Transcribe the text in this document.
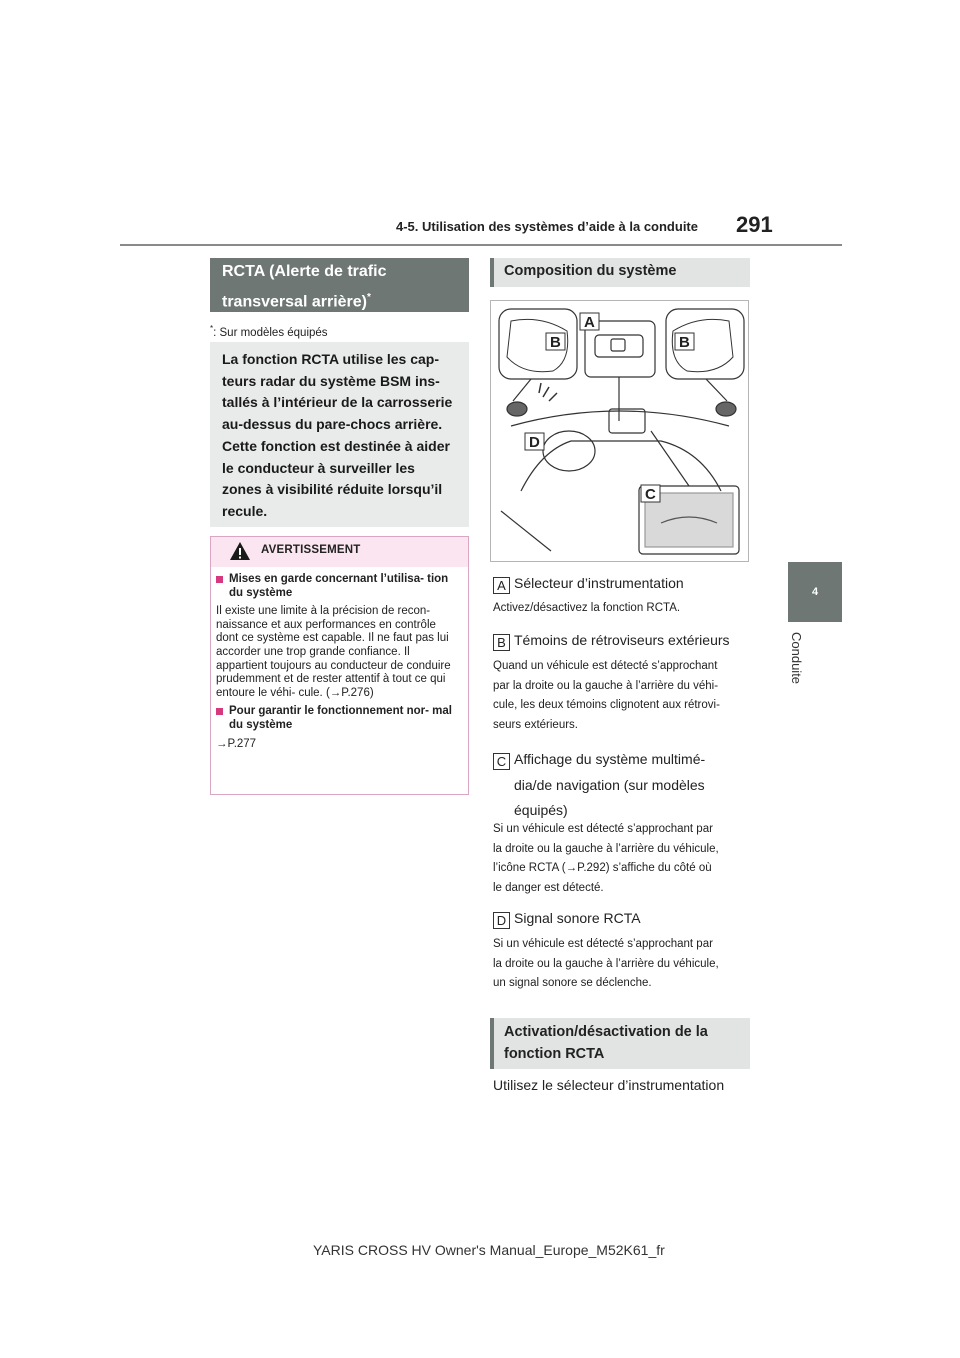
4-5. Utilisation des systèmes d’aide à la conduite 291
4
Conduite
RCTA (Alerte de trafic
transversal arrière)*
*: Sur modèles équipés
La fonction RCTA utilise les cap-
teurs radar du système BSM ins-
tallés à l’intérieur de la carrosserie
au-dessus du pare-chocs arrière.
Cette fonction est destinée à aider
le conducteur à surveiller les
zones à visibilité réduite lorsqu’il
recule.
AVERTISSEMENT
Mises en garde concernant l’utilisa- tion du système
Il existe une limite à la précision de recon- naissance et aux performances en contrôle dont ce système est capable. Il ne faut pas lui accorder une trop grande confiance. Il appartient toujours au conducteur de conduire prudemment et de rester attentif à tout ce qui entoure le véhi- cule. (→P.276)
Pour garantir le fonctionnement nor- mal du système
→P.277
Composition du système
A
B	B
D
C
A Sélecteur d’instrumentation
Activez/désactivez la fonction RCTA.
B Témoins de rétroviseurs extérieurs
Quand un véhicule est détecté s’approchant
par la droite ou la gauche à l’arrière du véhi-
cule, les deux témoins clignotent aux rétrovi-
seurs extérieurs.
C Affichage du système multimé-
dia/de navigation (sur modèles
équipés)
Si un véhicule est détecté s’approchant par
la droite ou la gauche à l’arrière du véhicule,
l’icône RCTA (→P.292) s’affiche du côté où
le danger est détecté.
D Signal sonore RCTA
Si un véhicule est détecté s’approchant par
la droite ou la gauche à l’arrière du véhicule,
un signal sonore se déclenche.
Activation/désactivation de la
fonction RCTA
Utilisez le sélecteur d’instrumentation
YARIS CROSS HV Owner's Manual_Europe_M52K61_fr
